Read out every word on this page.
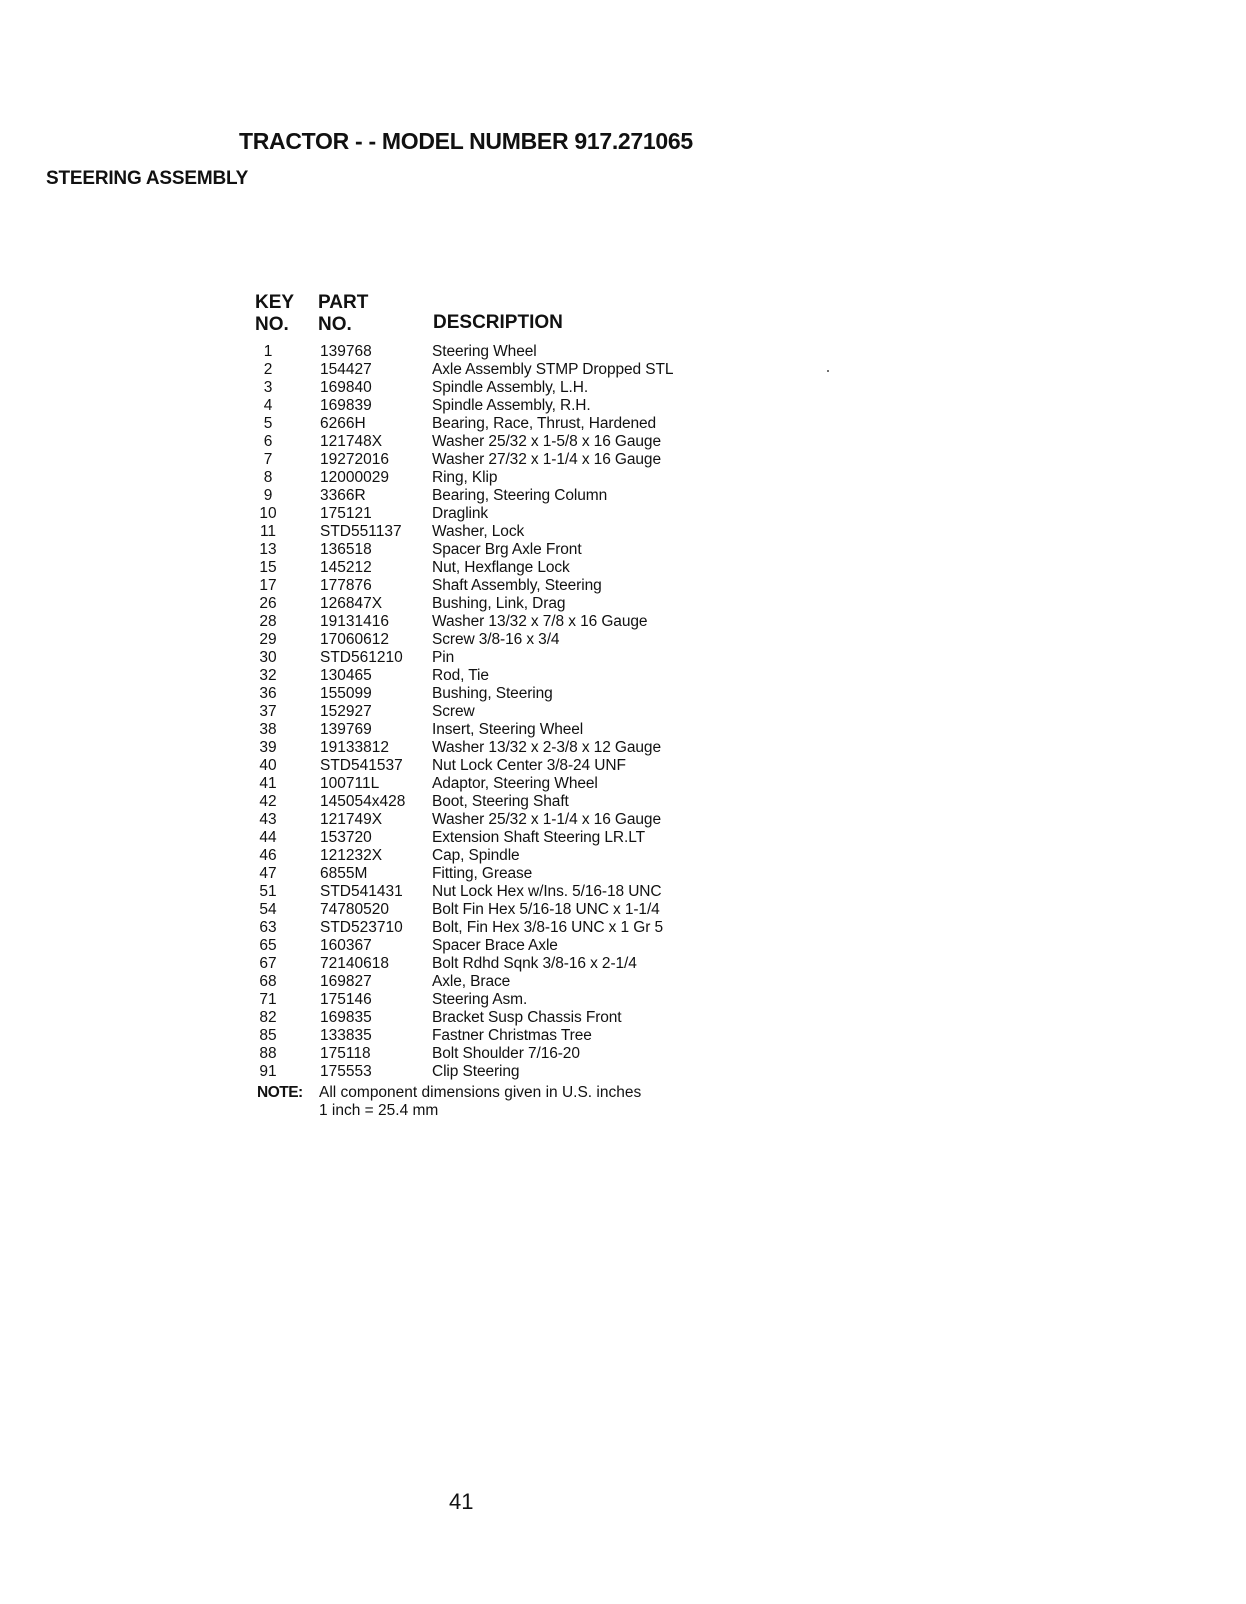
TRACTOR - - MODEL NUMBER 917.271065
STEERING ASSEMBLY
KEY
NO.
PART
NO.	DESCRIPTION
1	139768	Steering Wheel
2	154427	Axle Assembly STMP Dropped STL
3	169840	Spindle Assembly, L.H.
4	169839	Spindle Assembly, R.H.
5	6266H	Bearing, Race, Thrust, Hardened
6	121748X	Washer 25/32 x 1-5/8 x 16 Gauge
7	19272016	Washer 27/32 x 1-1/4 x 16 Gauge
8	12000029	Ring, Klip
9	3366R	Bearing, Steering Column
10	175121	Draglink
11	STD551137 Washer, Lock
13	136518	Spacer Brg Axle Front
15	145212	Nut, Hexflange Lock
17	177876	Shaft Assembly, Steering
26	126847X	Bushing, Link, Drag
28	19131416	Washer 13/32 x 7/8 x 16 Gauge
29	17060612	Screw 3/8-16 x 3/4
30	STD561210 Pin
32	130465	Rod, Tie
36	155099	Bushing, Steering
37	152927	Screw
38	139769	Insert, Steering Wheel
39	19133812	Washer 13/32 x 2-3/8 x 12 Gauge
40	STD541537 Nut Lock Center 3/8-24 UNF
41	100711L	Adaptor, Steering Wheel
42	145054x428 Boot, Steering Shaft
43	121749X	Washer 25/32 x 1-1/4 x 16 Gauge
44	153720	Extension Shaft Steering LR.LT
46	121232X	Cap, Spindle
47	6855M	Fitting, Grease
51	STD541431 Nut Lock Hex w/Ins. 5/16-18 UNC
54	74780520	Bolt Fin Hex 5/16-18 UNC x 1-1/4
63	STD523710 Bolt, Fin Hex 3/8-16 UNC x 1 Gr 5
65	160367	Spacer Brace Axle
67	72140618	Bolt Rdhd Sqnk 3/8-16 x 2-1/4
68	169827	Axle, Brace
71	175146	Steering Asm.
82	169835	Bracket Susp Chassis Front
85	133835	Fastner Christmas Tree
88	175118	Bolt Shoulder 7/16-20
91	175553	Clip Steering
NOTE: All component dimensions given in U.S. inches
1 inch = 25.4 mm
41
